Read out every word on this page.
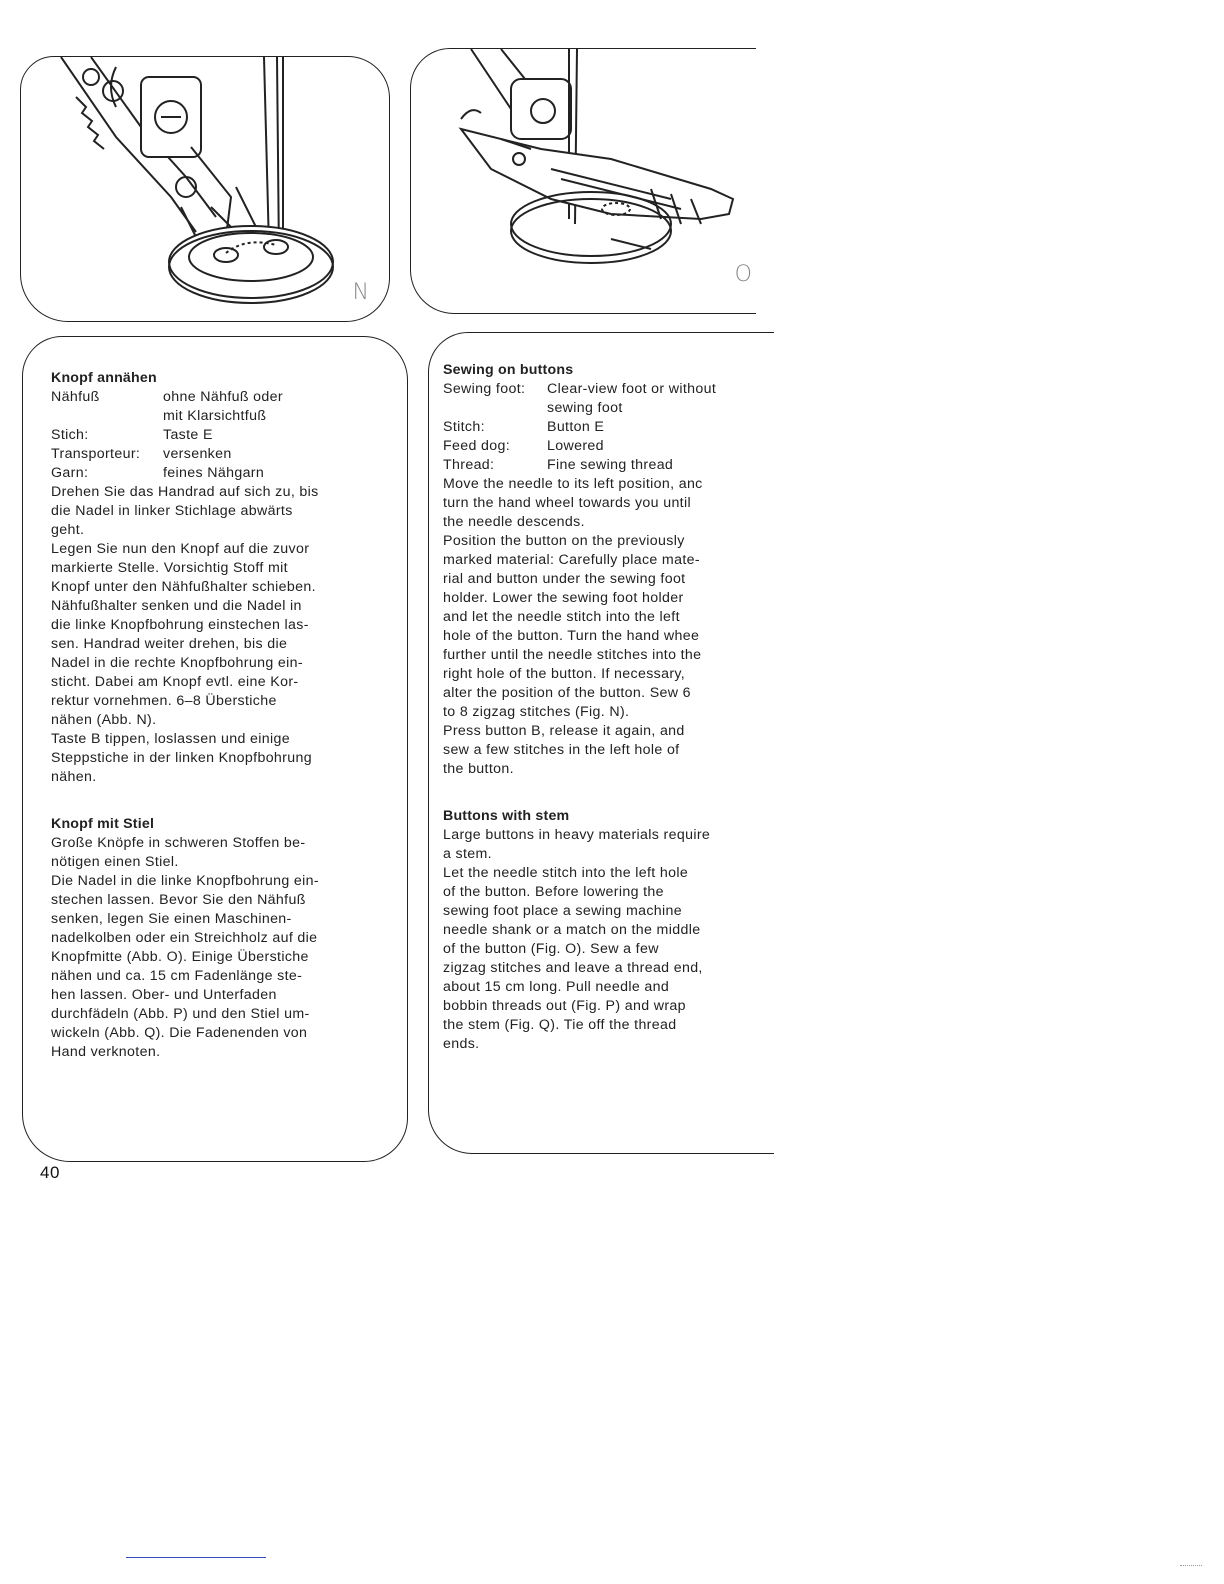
N
O
Knopf annähen
Nähfuß	ohne Nähfuß oder
mit Klarsichtfuß
Stich:	Taste E
Transporteur:	versenken
Garn:	feines Nähgarn
Drehen Sie das Handrad auf sich zu, bis
die Nadel in linker Stichlage abwärts
geht.
Legen Sie nun den Knopf auf die zuvor
markierte Stelle. Vorsichtig Stoff mit
Knopf unter den Nähfußhalter schieben.
Nähfußhalter senken und die Nadel in
die linke Knopfbohrung einstechen las-
sen. Handrad weiter drehen, bis die
Nadel in die rechte Knopfbohrung ein-
sticht. Dabei am Knopf evtl. eine Kor-
rektur vornehmen. 6–8 Überstiche
nähen (Abb. N).
Taste B tippen, loslassen und einige
Steppstiche in der linken Knopfbohrung
nähen.
Knopf mit Stiel
Große Knöpfe in schweren Stoffen be-
nötigen einen Stiel.
Die Nadel in die linke Knopfbohrung ein-
stechen lassen. Bevor Sie den Nähfuß
senken, legen Sie einen Maschinen-
nadelkolben oder ein Streichholz auf die
Knopfmitte (Abb. O). Einige Überstiche
nähen und ca. 15 cm Fadenlänge ste-
hen lassen. Ober- und Unterfaden
durchfädeln (Abb. P) und den Stiel um-
wickeln (Abb. Q). Die Fadenenden von
Hand verknoten.
Sewing on buttons
Sewing foot:	Clear-view foot or without
sewing foot
Stitch:	Button E
Feed dog:	Lowered
Thread:	Fine sewing thread
Move the needle to its left position, anc
turn the hand wheel towards you until
the needle descends.
Position the button on the previously
marked material: Carefully place mate-
rial and button under the sewing foot
holder. Lower the sewing foot holder
and let the needle stitch into the left
hole of the button. Turn the hand whee
further until the needle stitches into the
right hole of the button. If necessary,
alter the position of the button. Sew 6
to 8 zigzag stitches (Fig. N).
Press button B, release it again, and
sew a few stitches in the left hole of
the button.
Buttons with stem
Large buttons in heavy materials require
a stem.
Let the needle stitch into the left hole
of the button. Before lowering the
sewing foot place a sewing machine
needle shank or a match on the middle
of the button (Fig. O). Sew a few
zigzag stitches and leave a thread end,
about 15 cm long. Pull needle and
bobbin threads out (Fig. P) and wrap
the stem (Fig. Q). Tie off the thread
ends.
40
